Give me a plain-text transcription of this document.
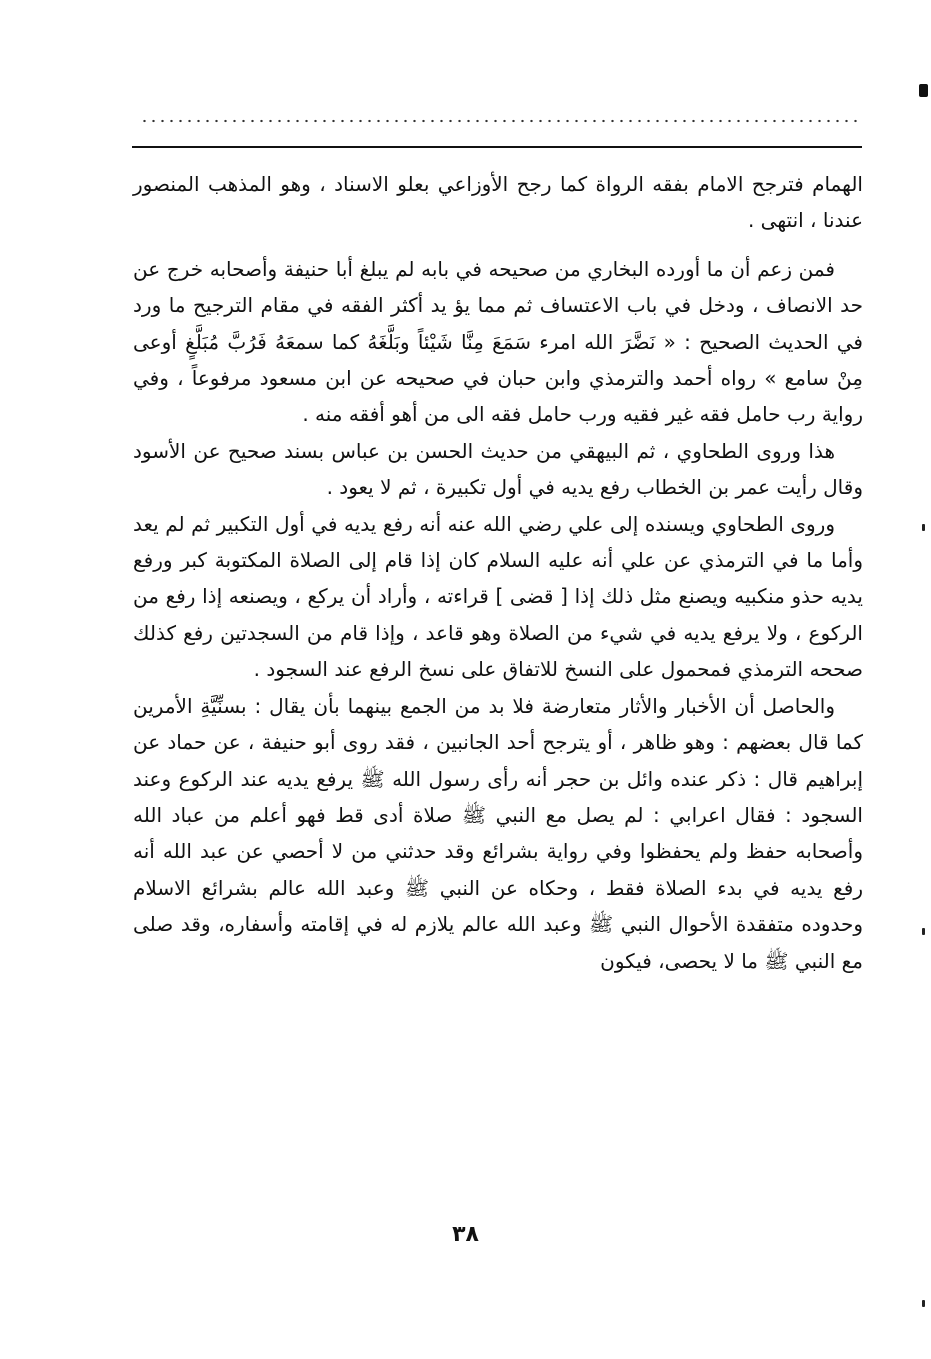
الهمام فترجح الامام بفقه الرواة كما رجح الأوزاعي بعلو الاسناد ، وهو المذهب المنصور عندنا ، انتهى .

فمن زعم أن ما أورده البخاري من صحيحه في بابه لم يبلغ أبا حنيفة وأصحابه خرج عن حد الانصاف ، ودخل في باب الاعتساف ثم مما يؤ يد أكثر الفقه في مقام الترجيح ما ورد في الحديث الصحيح : « نَضَّرَ الله امرء سَمَعَ مِنَّا شَيْئاً وبَلَّغَهُ كما سمعَهُ فَرُبَّ مُبَلَّغٍ أوعى مِنْ سامع » رواه أحمد والترمذي وابن حبان في صحيحه عن ابن مسعود مرفوعاً ، وفي رواية رب حامل فقه غير فقيه ورب حامل فقه الى من أهو أفقه منه .

هذا وروى الطحاوي ، ثم البيهقي من حديث الحسن بن عباس بسند صحيح عن الأسود وقال رأيت عمر بن الخطاب رفع يديه في أول تكبيرة ، ثم لا يعود .

وروى الطحاوي ويسنده إلى علي رضي الله عنه أنه رفع يديه في أول التكبير ثم لم يعد وأما ما في الترمذي عن علي أنه عليه السلام كان إذا قام إلى الصلاة المكتوبة كبر ورفع يديه حذو منكبيه ويصنع مثل ذلك إذا [ قضى ] قراءته ، وأراد أن يركع ، ويصنعه إذا رفع من الركوع ، ولا يرفع يديه في شيء من الصلاة وهو قاعد ، وإذا قام من السجدتين رفع كذلك صححه الترمذي فمحمول على النسخ للاتفاق على نسخ الرفع عند السجود .

والحاصل أن الأخبار والأثار متعارضة فلا بد من الجمع بينهما بأن يقال : بسنِّيَّةِ الأمرين كما قال بعضهم : وهو ظاهر ، أو يترجح أحد الجانبين ، فقد روى أبو حنيفة ، عن حماد عن إبراهيم قال : ذكر عنده وائل بن حجر أنه رأى رسول الله ﷺ يرفع يديه عند الركوع وعند السجود : فقال اعرابي : لم يصل مع النبي ﷺ صلاة أدى قط فهو أعلم من عباد الله وأصحابه حفظ ولم يحفظوا وفي رواية بشرائع وقد حدثني من لا أحصي عن عبد الله أنه رفع يديه في بدء الصلاة فقط ، وحكاه عن النبي ﷺ وعبد الله عالم بشرائع الاسلام وحدوده متفقدة الأحوال النبي ﷺ وعبد الله عالم يلازم له في إقامته وأسفاره، وقد صلى مع النبي ﷺ ما لا يحصى، فيكون

٣٨
